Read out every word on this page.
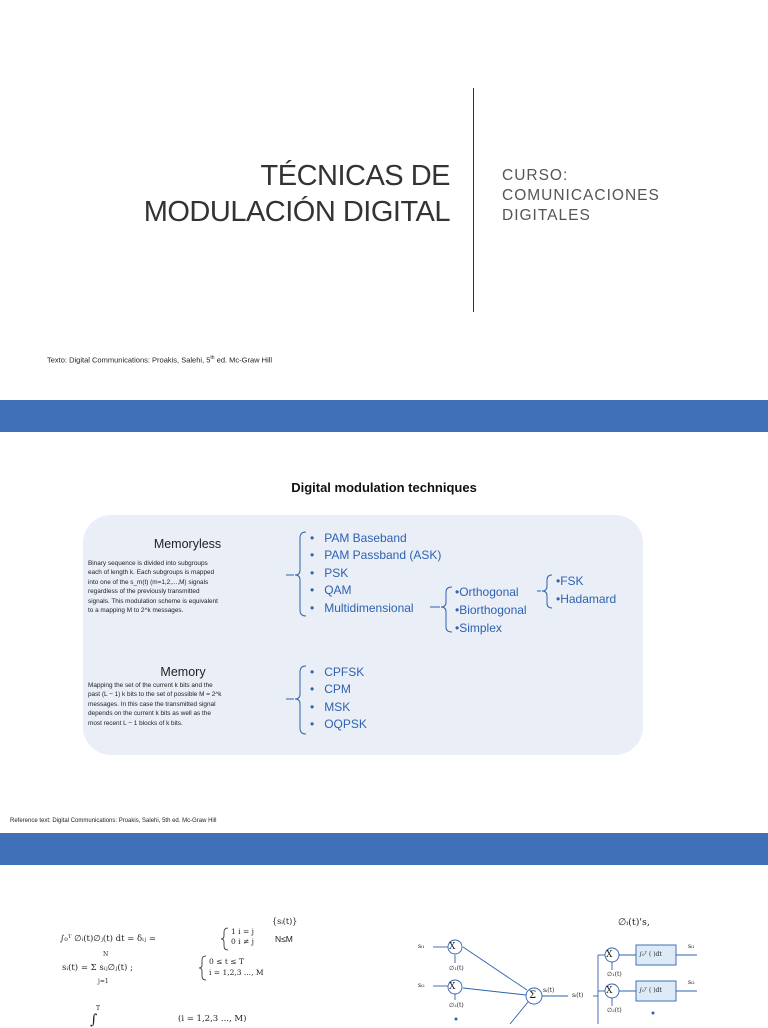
TÉCNICAS DE
MODULACIÓN DIGITAL
CURSO:
COMUNICACIONES
DIGITALES
Texto: Digital Communications: Proakis, Salehi, 5th ed. Mc-Graw Hill
Digital modulation techniques
Memoryless
Binary sequence is divided into subgroups
each of length k. Each subgroups is mapped
into one of the s_m(t) (m=1,2,...,M) signals
regardless of the previously transmitted
signals. This modulation scheme is equivalent
to a mapping M to 2^k messages.
Memory
Mapping the set of the current k bits and the
past (L − 1) k bits to the set of possible M = 2^k
messages. In this case the transmitted signal
depends on the current k bits as well as the
most recent L − 1 blocks of k bits.
•   PAM Baseband
•   PAM Passband (ASK)
•   PSK
•   QAM
•   Multidimensional
•Orthogonal
•Biorthogonal
•Simplex
•FSK
•Hadamard
•   CPFSK
•   CPM
•   MSK
•   OQPSK
Reference text: Digital Communications: Proakis, Salehi, 5th ed. Mc-Graw Hill
∫₀ᵀ ∅ᵢ(t)∅ⱼ(t) dt = δᵢⱼ =
1 i = j
0 i ≠ j N≤M
{sᵢ(t)}
N
sᵢ(t) = Σ sᵢⱼ∅ⱼ(t) ;
j=1
0 ≤ t ≤ T
i = 1,2,3 ..., M
T
∫	(i = 1,2,3 ..., M)
∅ᵢ(t)'s,
sᵢ₁
sᵢ₂
X
X
∅₁(t)
∅₂(t)
Σ sᵢ(t)
sᵢ(t)
X
X
∅₁(t)
∅₂(t)
∫₀ᵀ ( )dt
∫₀ᵀ ( )dt
sᵢ₁
sᵢ₂
